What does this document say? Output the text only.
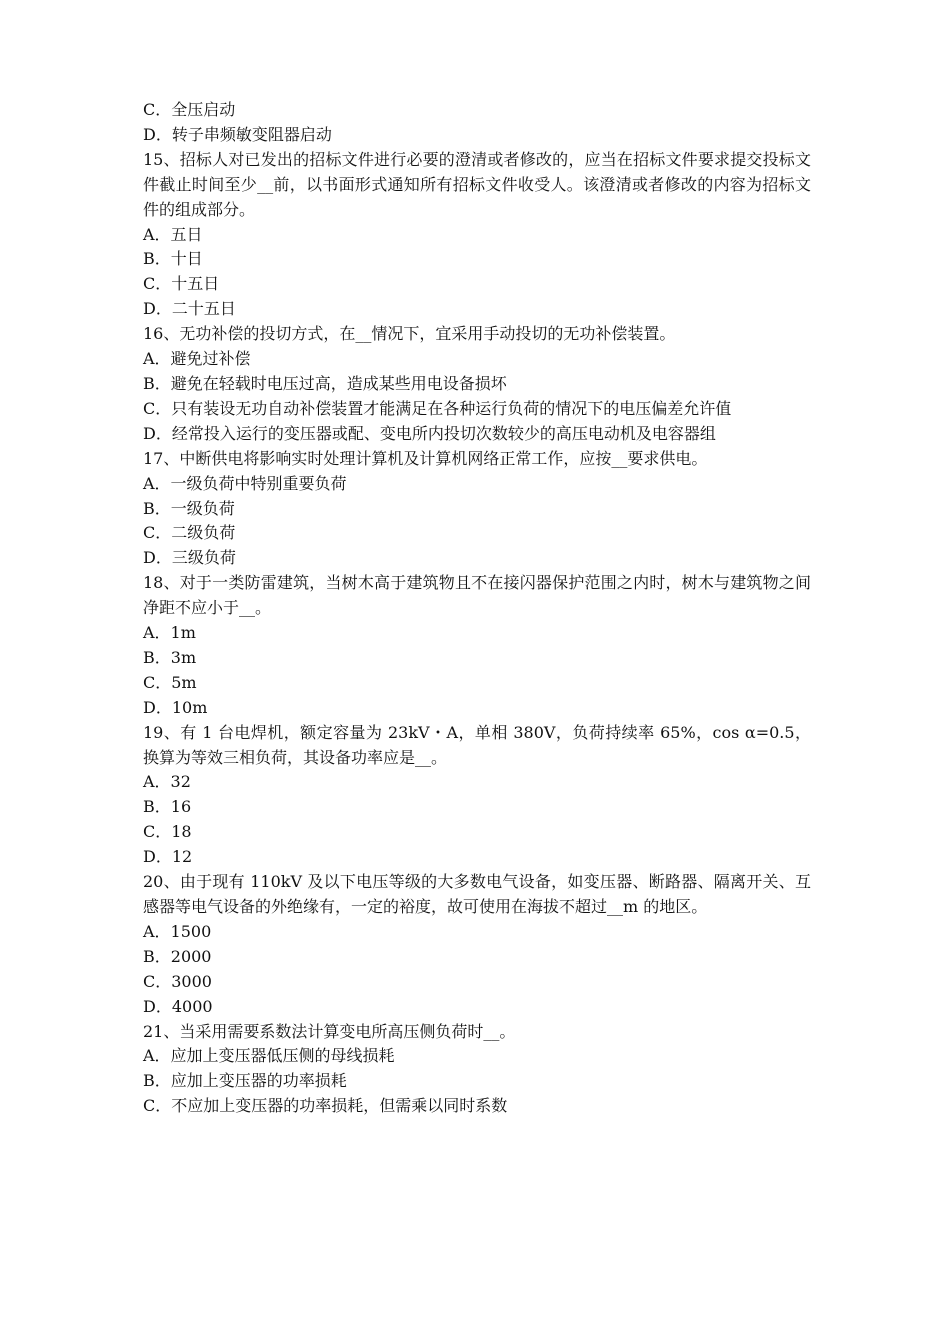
C．全压启动
D．转子串频敏变阻器启动
15、招标人对已发出的招标文件进行必要的澄清或者修改的，应当在招标文件要求提交投标文件截止时间至少__前，以书面形式通知所有招标文件收受人。该澄清或者修改的内容为招标文件的组成部分。
A．五日
B．十日
C．十五日
D．二十五日
16、无功补偿的投切方式，在__情况下，宜采用手动投切的无功补偿装置。
A．避免过补偿
B．避免在轻载时电压过高，造成某些用电设备损坏
C．只有装设无功自动补偿装置才能满足在各种运行负荷的情况下的电压偏差允许值
D．经常投入运行的变压器或配、变电所内投切次数较少的高压电动机及电容器组
17、中断供电将影响实时处理计算机及计算机网络正常工作，应按__要求供电。
A．一级负荷中特别重要负荷
B．一级负荷
C．二级负荷
D．三级负荷
18、对于一类防雷建筑，当树木高于建筑物且不在接闪器保护范围之内时，树木与建筑物之间净距不应小于__。
A．1m
B．3m
C．5m
D．10m
19、有 1 台电焊机，额定容量为 23kV・A，单相 380V，负荷持续率 65%，cos α=0.5，换算为等效三相负荷，其设备功率应是__。
A．32
B．16
C．18
D．12
20、由于现有 110kV 及以下电压等级的大多数电气设备，如变压器、断路器、隔离开关、互感器等电气设备的外绝缘有，一定的裕度，故可使用在海拔不超过__m 的地区。
A．1500
B．2000
C．3000
D．4000
21、当采用需要系数法计算变电所高压侧负荷时__。
A．应加上变压器低压侧的母线损耗
B．应加上变压器的功率损耗
C．不应加上变压器的功率损耗，但需乘以同时系数
